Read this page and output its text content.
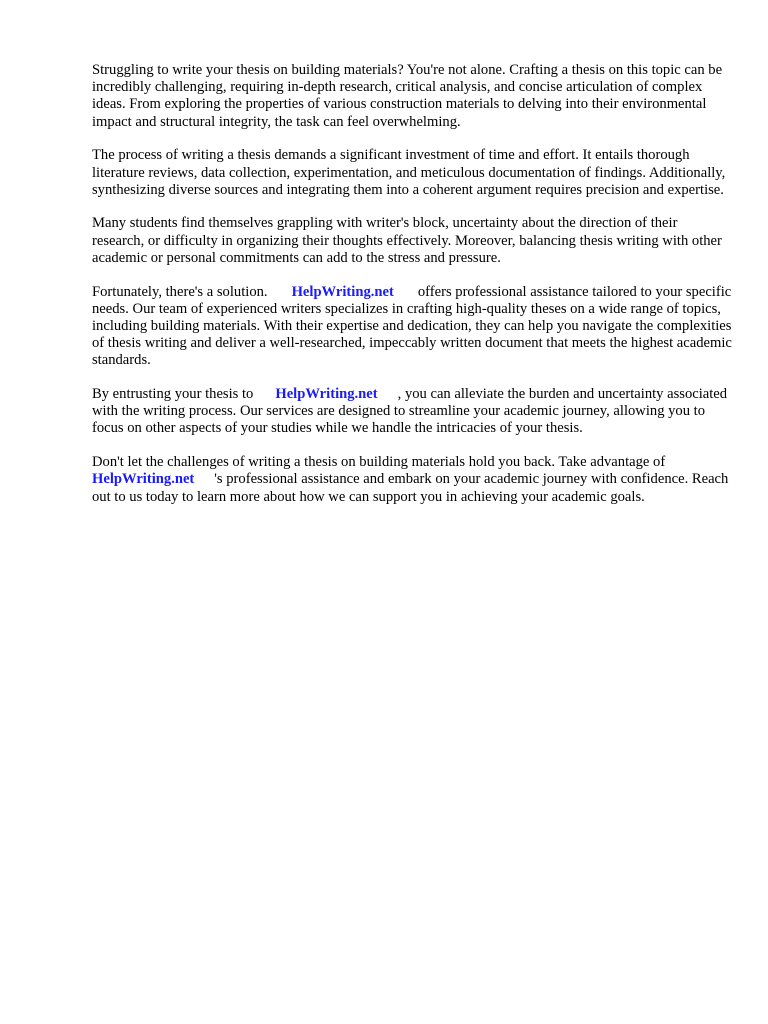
Struggling to write your thesis on building materials? You're not alone. Crafting a thesis on this topic can be incredibly challenging, requiring in-depth research, critical analysis, and concise articulation of complex ideas. From exploring the properties of various construction materials to delving into their environmental impact and structural integrity, the task can feel overwhelming.

The process of writing a thesis demands a significant investment of time and effort. It entails thorough literature reviews, data collection, experimentation, and meticulous documentation of findings. Additionally, synthesizing diverse sources and integrating them into a coherent argument requires precision and expertise.

Many students find themselves grappling with writer's block, uncertainty about the direction of their research, or difficulty in organizing their thoughts effectively. Moreover, balancing thesis writing with other academic or personal commitments can add to the stress and pressure.

Fortunately, there's a solution. HelpWriting.net offers professional assistance tailored to your specific needs. Our team of experienced writers specializes in crafting high-quality theses on a wide range of topics, including building materials. With their expertise and dedication, they can help you navigate the complexities of thesis writing and deliver a well-researched, impeccably written document that meets the highest academic standards.

By entrusting your thesis to HelpWriting.net , you can alleviate the burden and uncertainty associated with the writing process. Our services are designed to streamline your academic journey, allowing you to focus on other aspects of your studies while we handle the intricacies of your thesis.

Don't let the challenges of writing a thesis on building materials hold you back. Take advantage of HelpWriting.net 's professional assistance and embark on your academic journey with confidence. Reach out to us today to learn more about how we can support you in achieving your academic goals.
